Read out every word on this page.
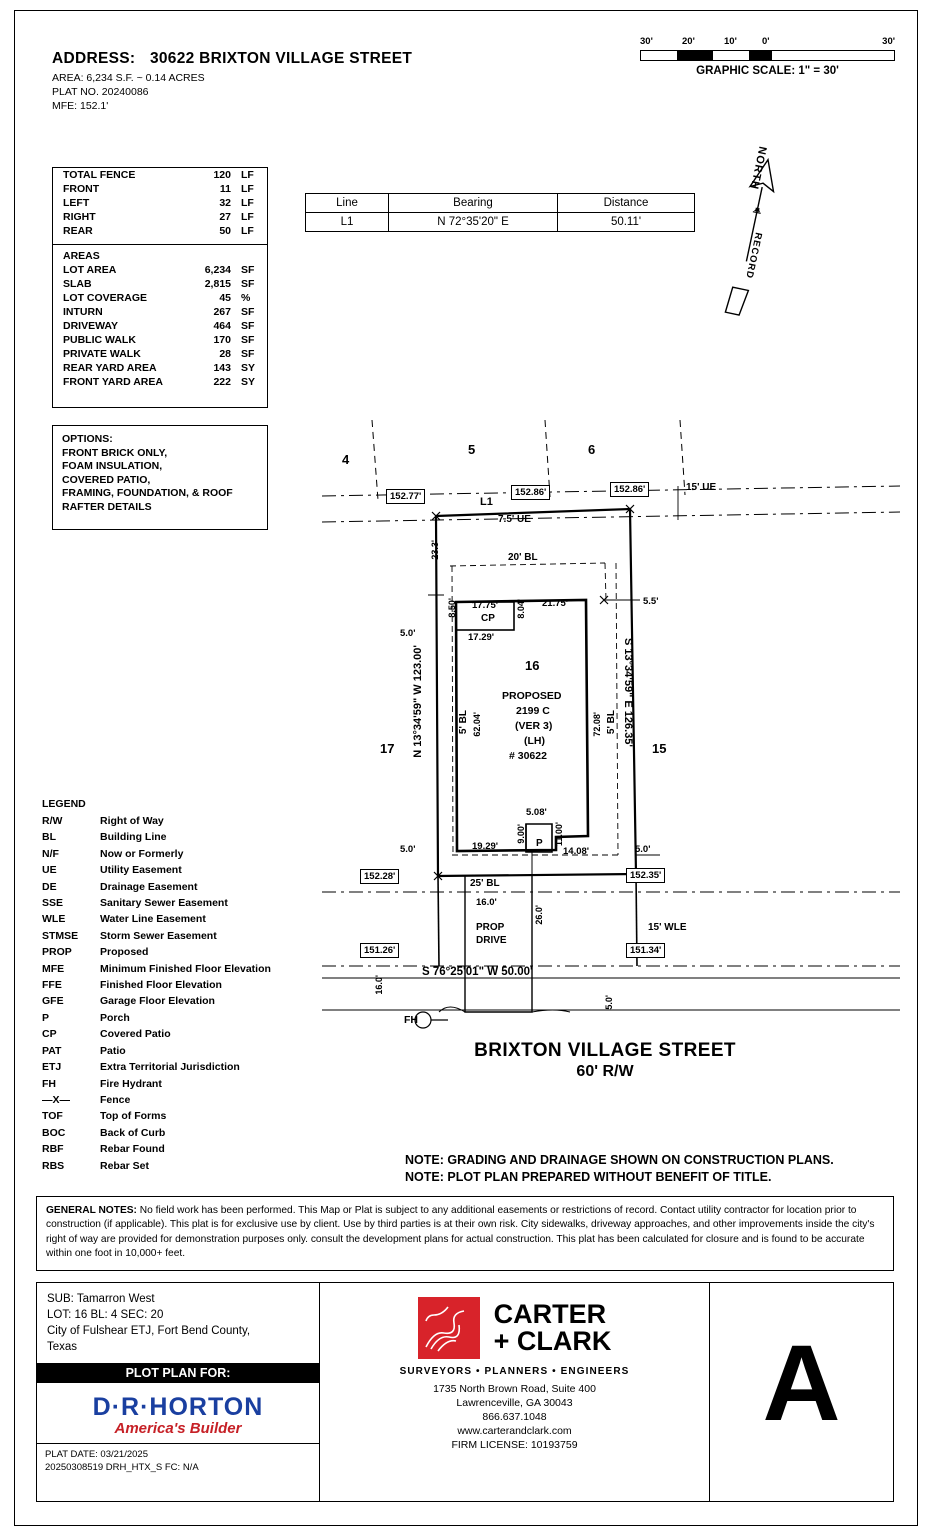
ADDRESS: 30622 BRIXTON VILLAGE STREET
AREA: 6,234 S.F. ~ 0.14 ACRES
PLAT NO. 20240086
MFE: 152.1'
30'	20'	10'	0'	30'
GRAPHIC SCALE: 1" = 30'
TOTAL FENCE	120	LF
FRONT	11	LF
LEFT	32	LF
RIGHT	27	LF
REAR	50	LF
AREAS		
LOT AREA	6,234	SF
SLAB	2,815	SF
LOT COVERAGE	45	%
INTURN	267	SF
DRIVEWAY	464	SF
PUBLIC WALK	170	SF
PRIVATE WALK	28	SF
REAR YARD AREA	143	SY
FRONT YARD AREA	222	SY
OPTIONS:
FRONT BRICK ONLY,
FOAM INSULATION,
COVERED PATIO,
FRAMING, FOUNDATION, & ROOF
RAFTER DETAILS
Line	Bearing	Distance
L1	N 72°35'20" E	50.11'
NORTH
RECORD
LEGEND
R/W	Right of Way
BL	Building Line
N/F	Now or Formerly
UE	Utility Easement
DE	Drainage Easement
SSE	Sanitary Sewer Easement
WLE	Water Line Easement
STMSE	Storm Sewer Easement
PROP	Proposed
MFE	Minimum Finished Floor Elevation
FFE	Finished Floor Elevation
GFE	Garage Floor Elevation
P	Porch
CP	Covered Patio
PAT	Patio
ETJ	Extra Territorial Jurisdiction
FH	Fire Hydrant
—X—	Fence
TOF	Top of Forms
BOC	Back of Curb
RBF	Rebar Found
RBS	Rebar Set
4
5	6
17
16
15
PROPOSED
2199 C
(VER 3)
(LH)
# 30622
152.77'	152.86'	152.86'
152.28'	152.35'
151.26'	151.34'
15' UE
7.5' UE
15' WLE
20' BL
5' BL	5' BL
25' BL
N 13°34'59" W 123.00'	S 13°34'59" E 126.35'
S 76°25'01" W 50.00'
L1
23.3'
8.50' 17.75'
CP 8.04' 21.75'	5.5'
17.29'
5.0'
62.04'	72.08'
5.08'
9.00'	11.00'
P
19.29'	14.08'
5.0'	5.0'
16.0'
26.0'
16.0'
5.0'
PROP
DRIVE
FH
BRIXTON VILLAGE STREET
60' R/W
NOTE: GRADING AND DRAINAGE SHOWN ON CONSTRUCTION PLANS.
NOTE: PLOT PLAN PREPARED WITHOUT BENEFIT OF TITLE.
GENERAL NOTES: No field work has been performed. This Map or Plat is subject to any additional easements or restrictions of record. Contact utility contractor for location prior to construction (if applicable). This plat is for exclusive use by client. Use by third parties is at their own risk. City sidewalks, driveway approaches, and other improvements inside the city's right of way are provided for demonstration purposes only. consult the development plans for actual construction. This plat has been calculated for closure and is found to be accurate within one foot in 10,000+ feet.
SUB: Tamarron West
LOT: 16 BL: 4 SEC: 20
City of Fulshear ETJ, Fort Bend County,
Texas
PLOT PLAN FOR:
D·R·HORTON
America's Builder
PLAT DATE: 03/21/2025
20250308519 DRH_HTX_S FC: N/A
CARTER
+ CLARK
SURVEYORS • PLANNERS • ENGINEERS
1735 North Brown Road, Suite 400
Lawrenceville, GA 30043
866.637.1048
www.carterandclark.com
FIRM LICENSE: 10193759
A
